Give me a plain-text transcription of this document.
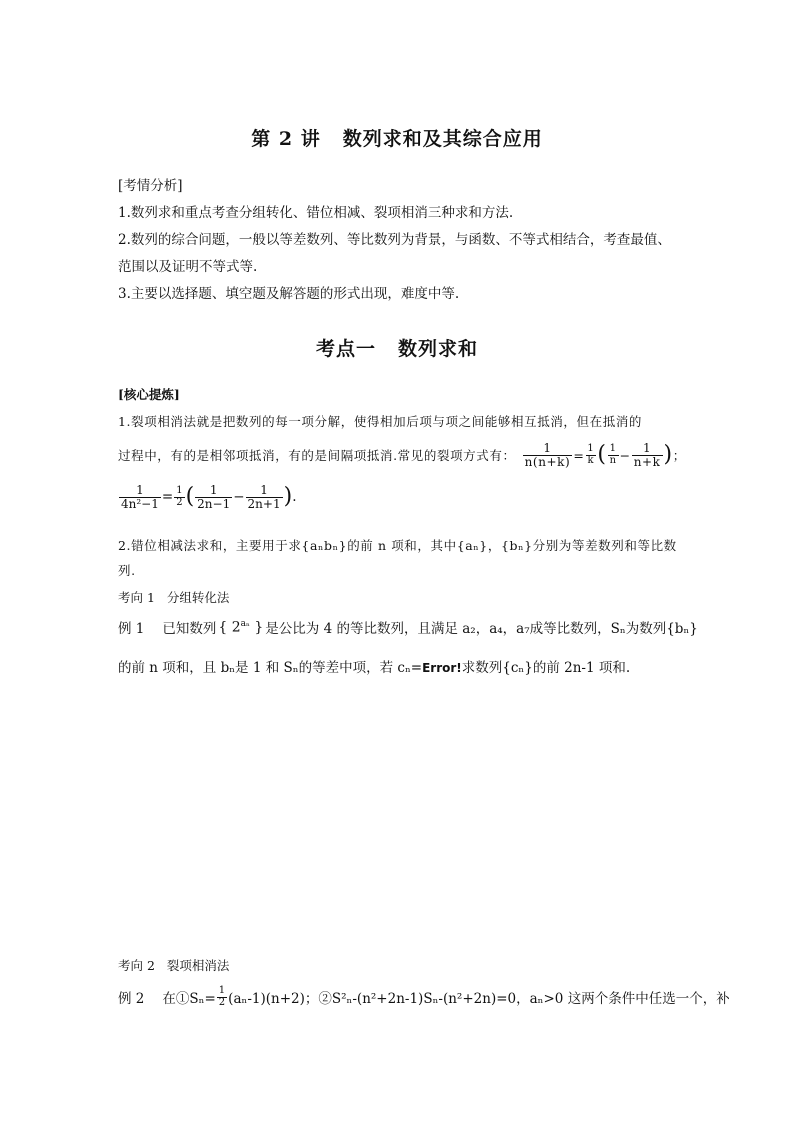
第 2 讲 数列求和及其综合应用
[考情分析]
1.数列求和重点考查分组转化、错位相减、裂项相消三种求和方法.
2.数列的综合问题，一般以等差数列、等比数列为背景，与函数、不等式相结合，考查最值、
范围以及证明不等式等.
3.主要以选择题、填空题及解答题的形式出现，难度中等.
考点一 数列求和
[核心提炼]
1.裂项相消法就是把数列的每一项分解，使得相加后项与项之间能够相互抵消，但在抵消的
过程中，有的是相邻项抵消，有的是间隔项抵消.常见的裂项方式有： $\frac{1}{n(n+k)} = \frac{1}{k}$ ( $\frac{1}{n} - \frac{1}{n+k}$ ) ；
$\frac{1}{\text{4n²−1}} = \frac{1}{2}$ ( $\frac{1}{2n-1} - \frac{1}{2n+1}$ ) .
2.错位相减法求和，主要用于求{aₙbₙ}的前 n 项和，其中{aₙ}，{bₙ}分别为等差数列和等比数
列.
考向 1 分组转化法
例 1 已知数列 { $2^{a_n}$ } 是公比为 4 的等比数列，且满足 a₂，a₄，a₇成等比数列，Sₙ为数列{bₙ}
的前 n 项和，且 bₙ是 1 和 Sₙ的等差中项，若 cₙ=Error!求数列{cₙ}的前 2n-1 项和.
考向 2 裂项相消法
例 2 在①Sₙ= $\frac{1}{2} (a_n-1)(n+2)$；②S²ₙ-(n²+2n-1)Sₙ-(n²+2n)=0，aₙ>0 这两个条件中任选一个，补
